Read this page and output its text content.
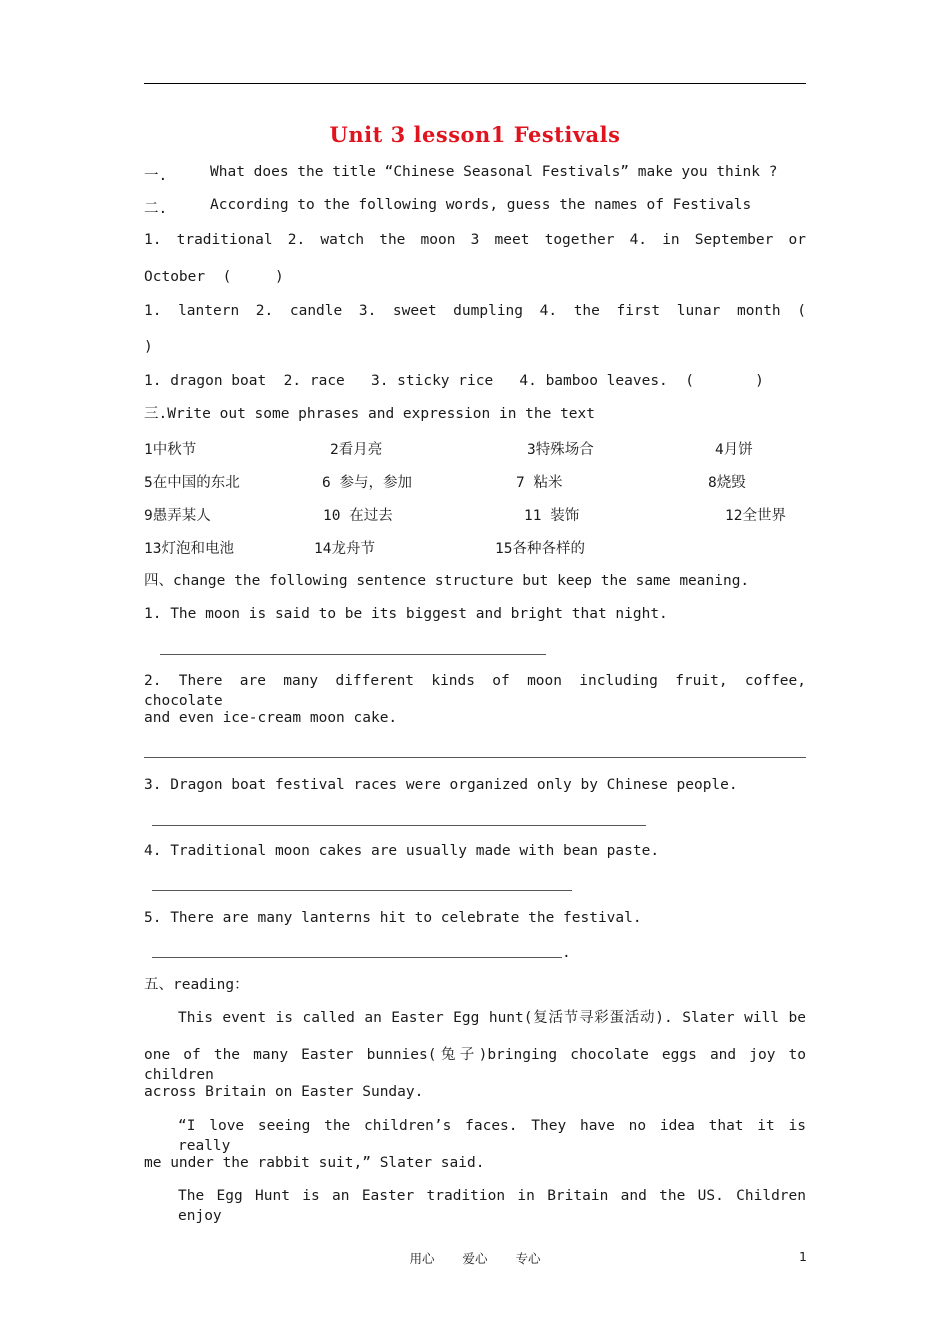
Unit 3 lesson1 Festivals
一.	What does the title “Chinese Seasonal Festivals” make you think ?
二.	According to the following words, guess the names of Festivals
1. traditional 2. watch the moon 3 meet together 4. in September or
October  (     )
1. lantern 2. candle 3. sweet dumpling 4. the first lunar month (
)
1. dragon boat  2. race   3. sticky rice   4. bamboo leaves.  (       )
三.Write out some phrases and expression in the text
1中秋节	2看月亮	3特殊场合	4月饼
5在中国的东北	6 参与，参加	7 粘米	8烧毁
9愚弄某人	10 在过去	11 装饰	12全世界
13灯泡和电池	14龙舟节	15各种各样的
四、change the following sentence structure but keep the same meaning.
1. The moon is said to be its biggest and bright that night.
2. There are many different kinds of moon including fruit, coffee, chocolate
and even ice-cream moon cake.
3. Dragon boat festival races were organized only by Chinese people.
4. Traditional moon cakes are usually made with bean paste.
5. There are many lanterns hit to celebrate the festival.
.
五、reading：
This event is called an Easter Egg hunt(复活节寻彩蛋活动). Slater will be
one of the many Easter bunnies(兔子)bringing chocolate eggs and joy to children
across Britain on Easter Sunday.
“I love seeing the children’s faces. They have no idea that it is really
me under the rabbit suit,” Slater said.
The Egg Hunt is an Easter tradition in Britain and the US. Children enjoy
用心 爱心 专心	1
